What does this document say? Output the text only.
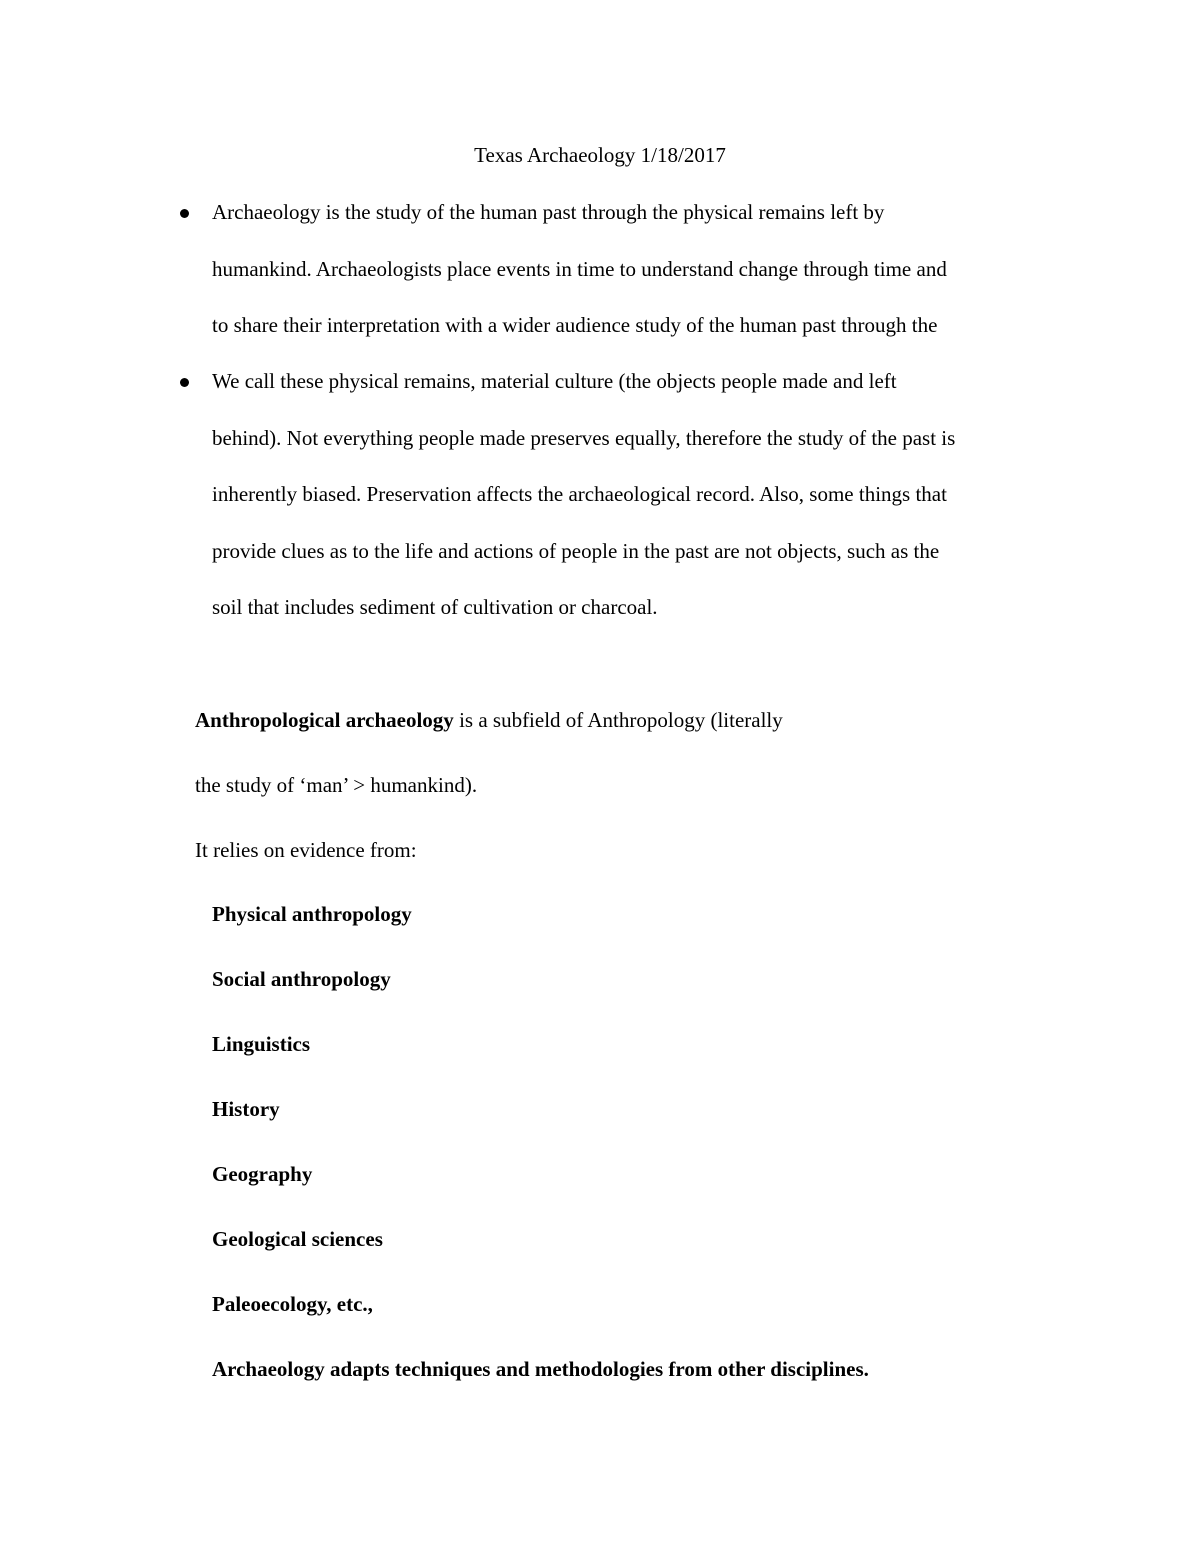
Texas Archaeology 1/18/2017
Archaeology is the study of the human past through the physical remains left by
humankind. Archaeologists place events in time to understand change through time and
to share their interpretation with a wider audience study of the human past through the
We call these physical remains, material culture (the objects people made and left
behind). Not everything people made preserves equally, therefore the study of the past is
inherently biased. Preservation affects the archaeological record. Also, some things that
provide clues as to the life and actions of people in the past are not objects, such as the
soil that includes sediment of cultivation or charcoal.
Anthropological archaeology is a subfield of Anthropology (literally
the study of ‘man’ > humankind).
It relies on evidence from:
Physical anthropology
Social anthropology
Linguistics
History
Geography
Geological sciences
Paleoecology, etc.,
Archaeology adapts techniques and methodologies from other disciplines.
